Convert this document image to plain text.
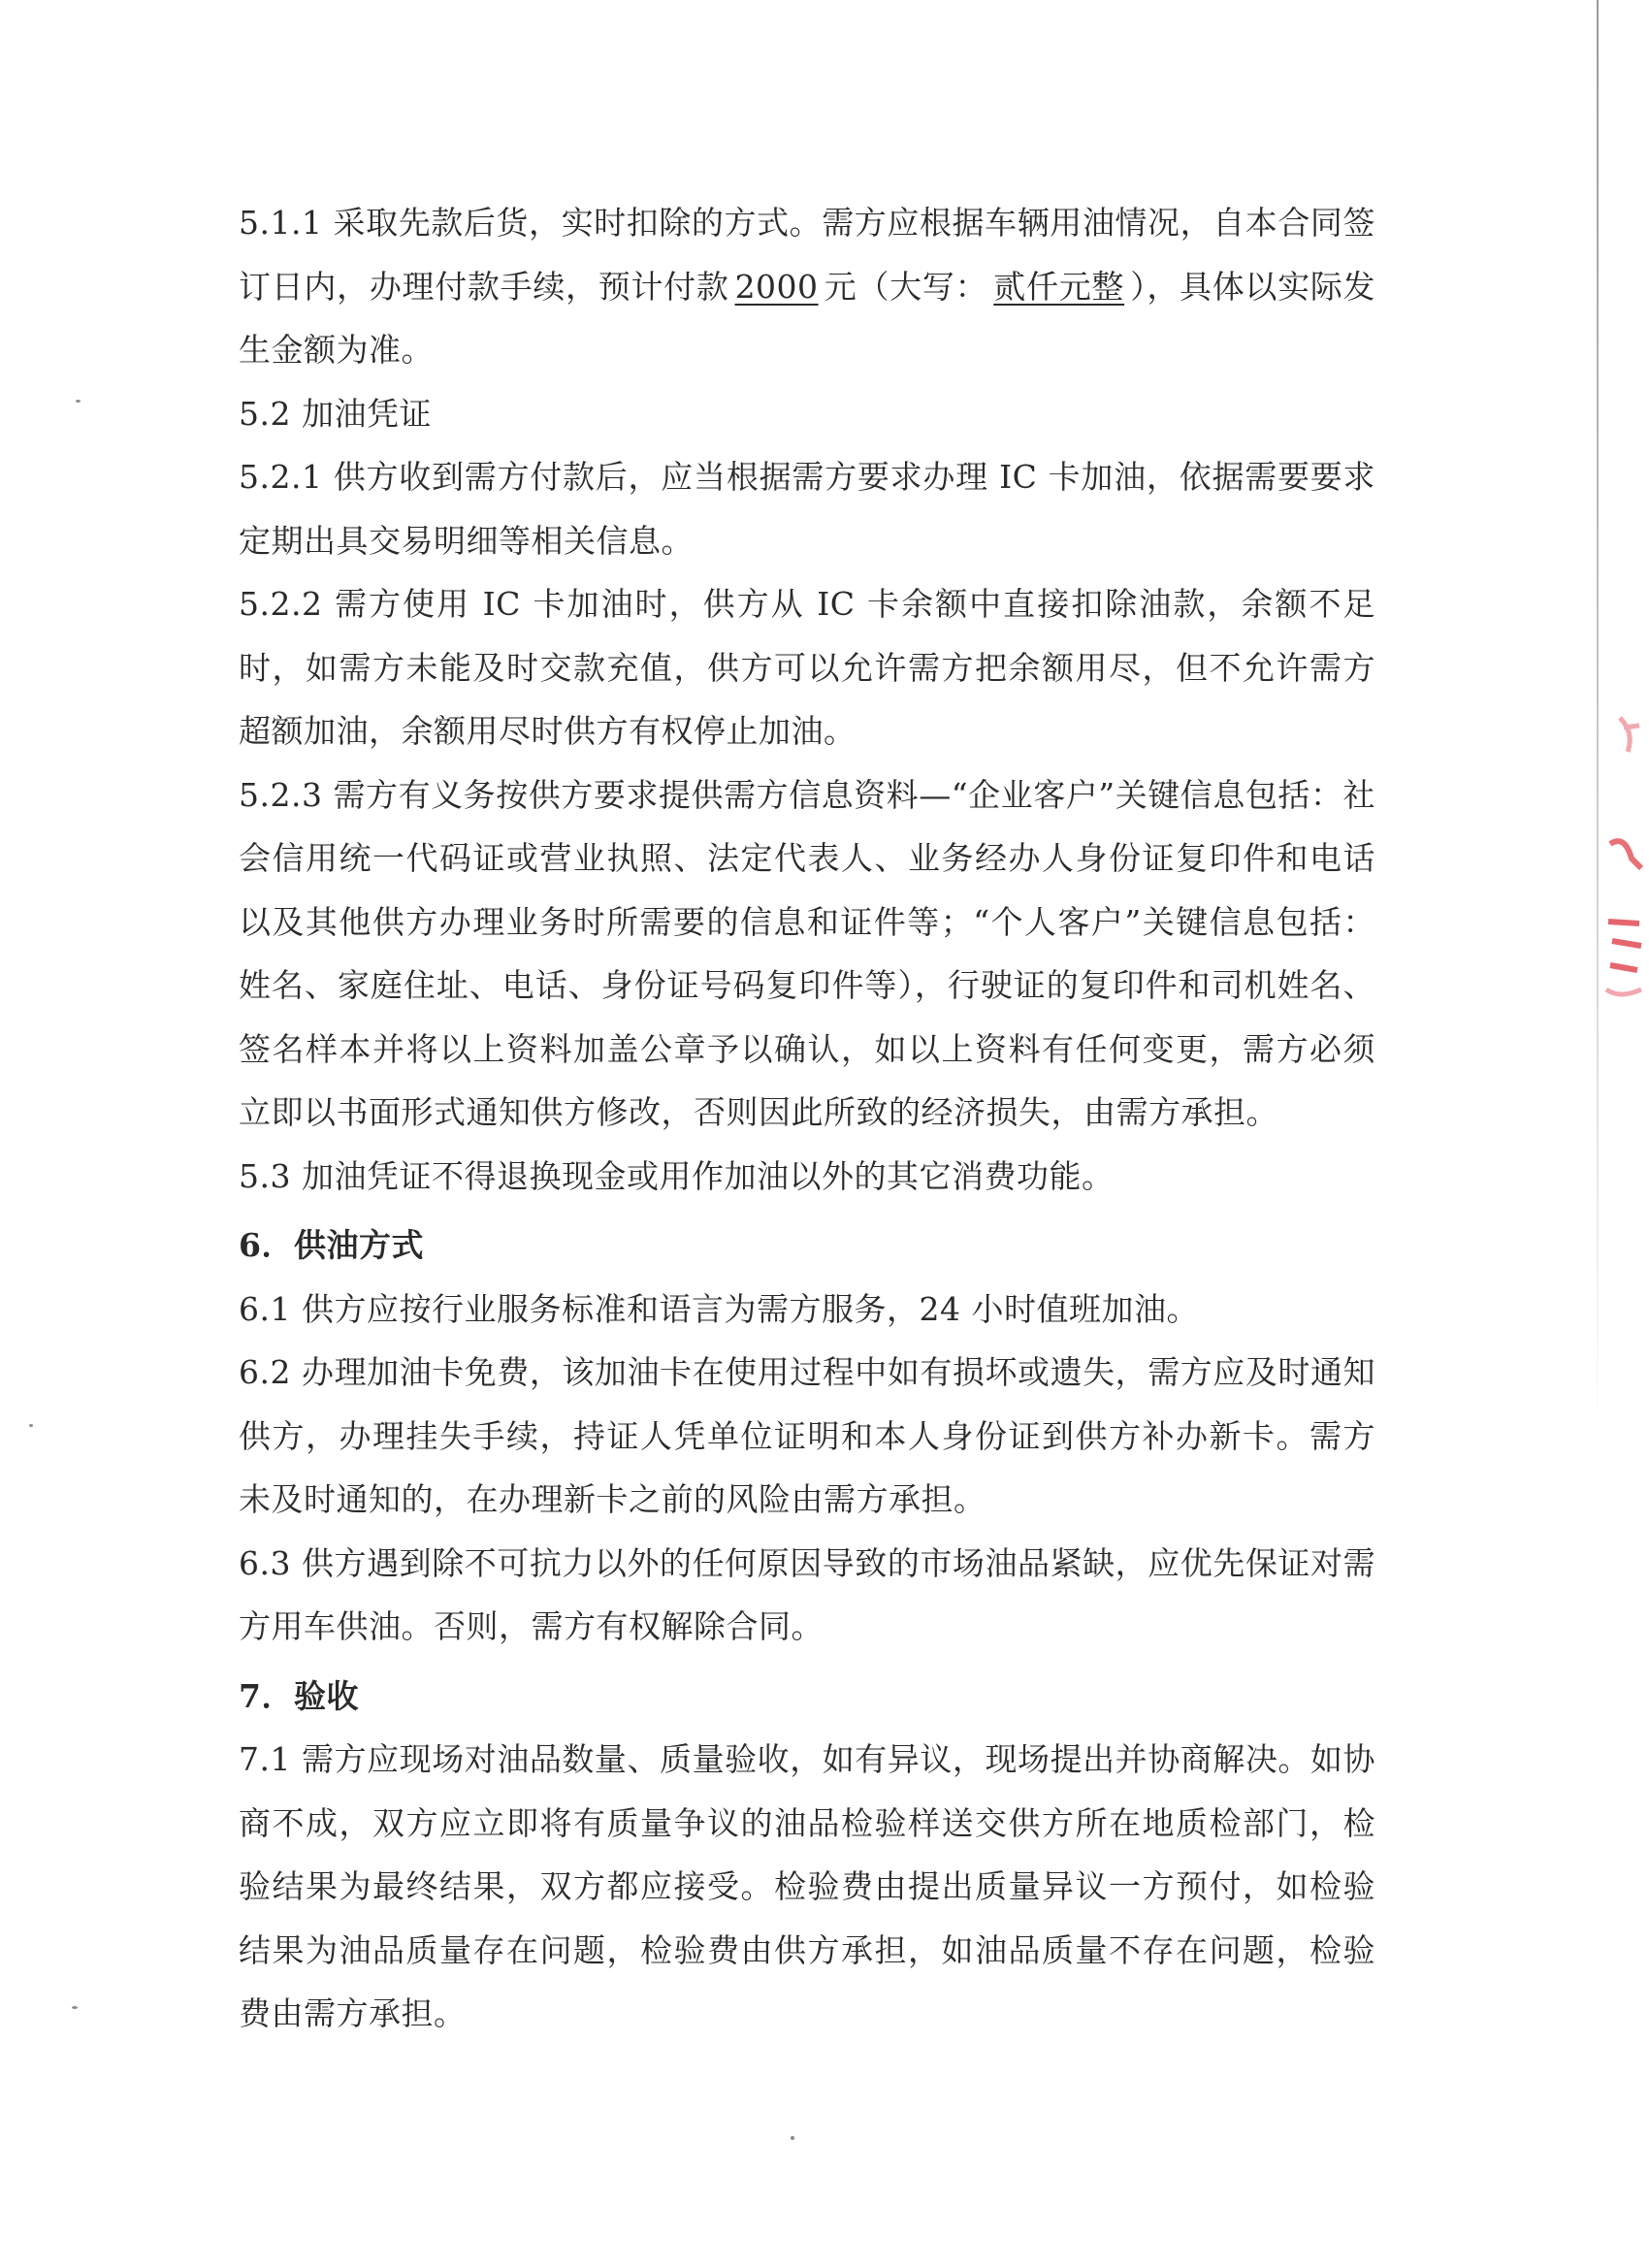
5.1.1 采取先款后货，实时扣除的方式。需方应根据车辆用油情况，自本合同签订日内，办理付款手续，预计付款 2000 元（大写： 贰仟元整 ），具体以实际发生金额为准。

5.2 加油凭证

5.2.1 供方收到需方付款后，应当根据需方要求办理 IC 卡加油，依据需要要求定期出具交易明细等相关信息。

5.2.2 需方使用 IC 卡加油时，供方从 IC 卡余额中直接扣除油款，余额不足时，如需方未能及时交款充值，供方可以允许需方把余额用尽，但不允许需方超额加油，余额用尽时供方有权停止加油。

5.2.3 需方有义务按供方要求提供需方信息资料—“企业客户”关键信息包括：社会信用统一代码证或营业执照、法定代表人、业务经办人身份证复印件和电话以及其他供方办理业务时所需要的信息和证件等；“个人客户”关键信息包括：姓名、家庭住址、电话、身份证号码复印件等），行驶证的复印件和司机姓名、签名样本并将以上资料加盖公章予以确认，如以上资料有任何变更，需方必须立即以书面形式通知供方修改，否则因此所致的经济损失，由需方承担。

5.3 加油凭证不得退换现金或用作加油以外的其它消费功能。

6．供油方式

6.1 供方应按行业服务标准和语言为需方服务，24 小时值班加油。

6.2 办理加油卡免费，该加油卡在使用过程中如有损坏或遗失，需方应及时通知供方，办理挂失手续，持证人凭单位证明和本人身份证到供方补办新卡。需方未及时通知的，在办理新卡之前的风险由需方承担。

6.3 供方遇到除不可抗力以外的任何原因导致的市场油品紧缺，应优先保证对需方用车供油。否则，需方有权解除合同。

7．验收

7.1 需方应现场对油品数量、质量验收，如有异议，现场提出并协商解决。如协商不成，双方应立即将有质量争议的油品检验样送交供方所在地质检部门，检验结果为最终结果，双方都应接受。检验费由提出质量异议一方预付，如检验结果为油品质量存在问题，检验费由供方承担，如油品质量不存在问题，检验费由需方承担。
